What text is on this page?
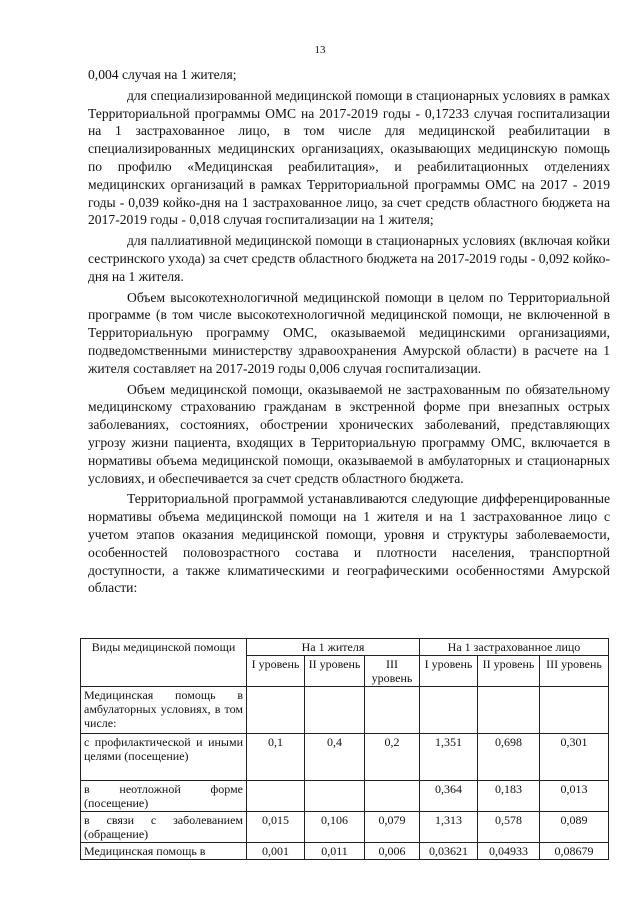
13

0,004 случая на 1 жителя;

для специализированной медицинской помощи в стационарных условиях в рамках Территориальной программы ОМС на 2017-2019 годы - 0,17233 случая госпитализации на 1 застрахованное лицо, в том числе для медицинской реабилитации в специализированных медицинских организациях, оказывающих медицинскую помощь по профилю «Медицинская реабилитация», и реабилитационных отделениях медицинских организаций в рамках Территориальной программы ОМС на 2017 - 2019 годы - 0,039 койко-дня на 1 застрахованное лицо, за счет средств областного бюджета на 2017-2019 годы - 0,018 случая госпитализации на 1 жителя;

для паллиативной медицинской помощи в стационарных условиях (включая койки сестринского ухода) за счет средств областного бюджета на 2017-2019 годы - 0,092 койко-дня на 1 жителя.

Объем высокотехнологичной медицинской помощи в целом по Территориальной программе (в том числе высокотехнологичной медицинской помощи, не включенной в Территориальную программу ОМС, оказываемой медицинскими организациями, подведомственными министерству здравоохранения Амурской области) в расчете на 1 жителя составляет на 2017-2019 годы 0,006 случая госпитализации.

Объем медицинской помощи, оказываемой не застрахованным по обязательному медицинскому страхованию гражданам в экстренной форме при внезапных острых заболеваниях, состояниях, обострении хронических заболеваний, представляющих угрозу жизни пациента, входящих в Территориальную программу ОМС, включается в нормативы объема медицинской помощи, оказываемой в амбулаторных и стационарных условиях, и обеспечивается за счет средств областного бюджета.

Территориальной программой устанавливаются следующие дифференцированные нормативы объема медицинской помощи на 1 жителя и на 1 застрахованное лицо с учетом этапов оказания медицинской помощи, уровня и структуры заболеваемости, особенностей половозрастного состава и плотности населения, транспортной доступности, а также климатическими и географическими особенностями Амурской области:

Виды медицинской помощи	На 1 жителя			На 1 застрахованное лицо		
	I уровень	II уровень	III уровень	I уровень	II уровень	III уровень
Медицинская помощь в амбулаторных условиях, в том числе:						
с профилактической и иными целями (посещение)	0,1	0,4	0,2	1,351	0,698	0,301
в неотложной форме (посещение)				0,364	0,183	0,013
в связи с заболеванием (обращение)	0,015	0,106	0,079	1,313	0,578	0,089
Медицинская помощь в	0,001	0,011	0,006	0,03621	0,04933	0,08679
